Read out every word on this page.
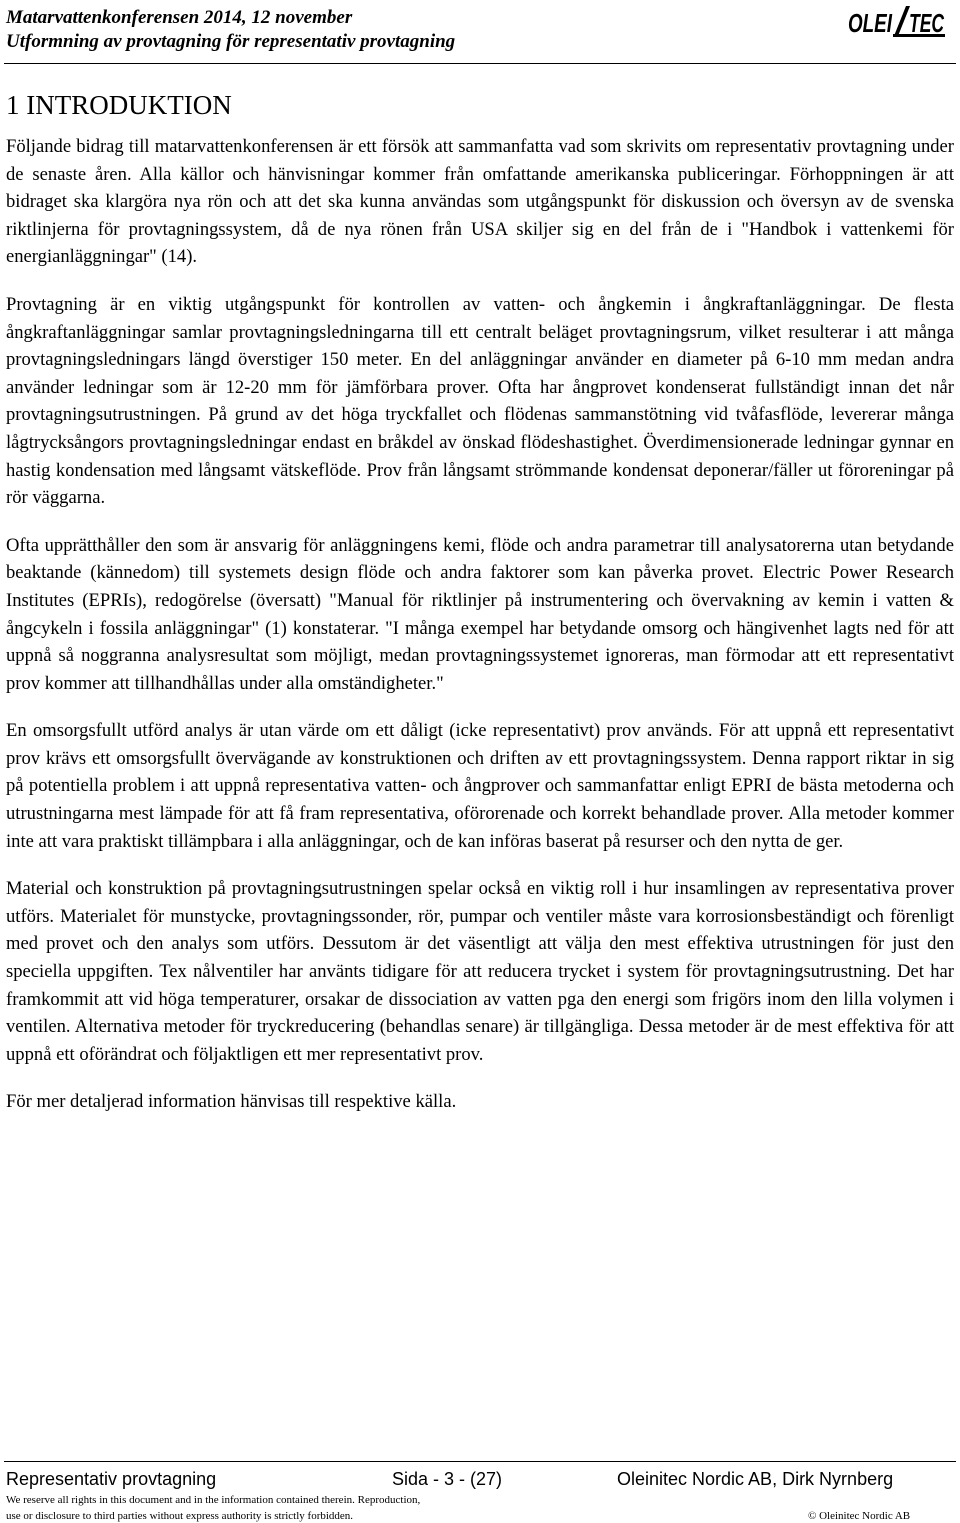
Matarvattenkonferensen 2014, 12 november
Utformning av provtagning för representativ provtagning
OLEI TEC
1 INTRODUKTION

Följande bidrag till matarvattenkonferensen är ett försök att sammanfatta vad som skrivits om representativ provtagning under de senaste åren. Alla källor och hänvisningar kommer från omfattande amerikanska publiceringar. Förhoppningen är att bidraget ska klargöra nya rön och att det ska kunna användas som utgångspunkt för diskussion och översyn av de svenska riktlinjerna för provtagningssystem, då de nya rönen från USA skiljer sig en del från de i "Handbok i vattenkemi för energianläggningar" (14).

Provtagning är en viktig utgångspunkt för kontrollen av vatten- och ångkemin i ångkraftanläggningar. De flesta ångkraftanläggningar samlar provtagningsledningarna till ett centralt beläget provtagningsrum, vilket resulterar i att många provtagningsledningars längd överstiger 150 meter. En del anläggningar använder en diameter på 6-10 mm medan andra använder ledningar som är 12-20 mm för jämförbara prover. Ofta har ångprovet kondenserat fullständigt innan det når provtagningsutrustningen. På grund av det höga tryckfallet och flödenas sammanstötning vid tvåfasflöde, levererar många lågtrycksångors provtagningsledningar endast en bråkdel av önskad flödeshastighet. Överdimensionerade ledningar gynnar en hastig kondensation med långsamt vätskeflöde. Prov från långsamt strömmande kondensat deponerar/fäller ut föroreningar på rör väggarna.

Ofta upprätthåller den som är ansvarig för anläggningens kemi, flöde och andra parametrar till analysatorerna utan betydande beaktande (kännedom) till systemets design flöde och andra faktorer som kan påverka provet. Electric Power Research Institutes (EPRIs), redogörelse (översatt) "Manual för riktlinjer på instrumentering och övervakning av kemin i vatten & ångcykeln i fossila anläggningar" (1) konstaterar. "I många exempel har betydande omsorg och hängivenhet lagts ned för att uppnå så noggranna analysresultat som möjligt, medan provtagningssystemet ignoreras, man förmodar att ett representativt prov kommer att tillhandhållas under alla omständigheter."

En omsorgsfullt utförd analys är utan värde om ett dåligt (icke representativt) prov används. För att uppnå ett representativt prov krävs ett omsorgsfullt övervägande av konstruktionen och driften av ett provtagningssystem. Denna rapport riktar in sig på potentiella problem i att uppnå representativa vatten- och ångprover och sammanfattar enligt EPRI de bästa metoderna och utrustningarna mest lämpade för att få fram representativa, oförorenade och korrekt behandlade prover. Alla metoder kommer inte att vara praktiskt tillämpbara i alla anläggningar, och de kan införas baserat på resurser och den nytta de ger.

Material och konstruktion på provtagningsutrustningen spelar också en viktig roll i hur insamlingen av representativa prover utförs. Materialet för munstycke, provtagningssonder, rör, pumpar och ventiler måste vara korrosionsbeständigt och förenligt med provet och den analys som utförs. Dessutom är det väsentligt att välja den mest effektiva utrustningen för just den speciella uppgiften. Tex nålventiler har använts tidigare för att reducera trycket i system för provtagningsutrustning. Det har framkommit att vid höga temperaturer, orsakar de dissociation av vatten pga den energi som frigörs inom den lilla volymen i ventilen. Alternativa metoder för tryckreducering (behandlas senare) är tillgängliga. Dessa metoder är de mest effektiva för att uppnå ett oförändrat och följaktligen ett mer representativt prov.

För mer detaljerad information hänvisas till respektive källa.

Representativ provtagning	Sida - 3 - (27)	Oleinitec Nordic AB, Dirk Nyrnberg
We reserve all rights in this document and in the information contained therein. Reproduction,
use or disclosure to third parties without express authority is strictly forbidden.	© Oleinitec Nordic AB
